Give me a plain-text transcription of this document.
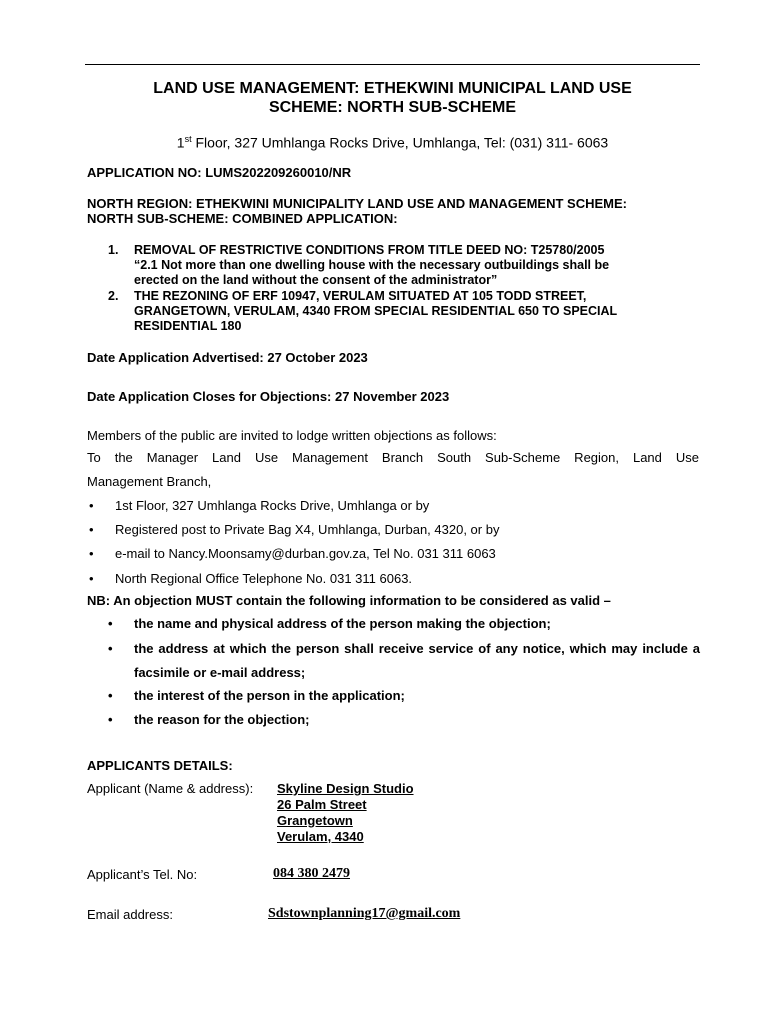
LAND USE MANAGEMENT: ETHEKWINI MUNICIPAL LAND USE
SCHEME: NORTH SUB-SCHEME
1st Floor, 327 Umhlanga Rocks Drive, Umhlanga, Tel: (031) 311- 6063
APPLICATION NO: LUMS202209260010/NR
NORTH REGION: ETHEKWINI MUNICIPALITY LAND USE AND MANAGEMENT SCHEME:
NORTH SUB-SCHEME: COMBINED APPLICATION:
1.	REMOVAL OF RESTRICTIVE CONDITIONS FROM TITLE DEED NO: T25780/2005
“2.1 Not more than one dwelling house with the necessary outbuildings shall be
erected on the land without the consent of the administrator”
2.	THE REZONING OF ERF 10947, VERULAM SITUATED AT 105 TODD STREET,
GRANGETOWN, VERULAM, 4340 FROM SPECIAL RESIDENTIAL 650 TO SPECIAL
RESIDENTIAL 180
Date Application Advertised: 27 October 2023
Date Application Closes for Objections: 27 November 2023
Members of the public are invited to lodge written objections as follows:
To the Manager Land Use Management Branch South Sub-Scheme Region, Land Use
Management Branch,
• 1st Floor, 327 Umhlanga Rocks Drive, Umhlanga or by
• Registered post to Private Bag X4, Umhlanga, Durban, 4320, or by
• e-mail to Nancy.Moonsamy@durban.gov.za, Tel No. 031 311 6063
• North Regional Office Telephone No. 031 311 6063.
NB: An objection MUST contain the following information to be considered as valid –
• the name and physical address of the person making the objection;
• the address at which the person shall receive service of any notice, which may include a facsimile or e-mail address;
• the interest of the person in the application;
• the reason for the objection;
APPLICANTS DETAILS:
Applicant (Name & address): Skyline Design Studio
26 Palm Street
Grangetown
Verulam, 4340
Applicant’s Tel. No:	084 380 2479
Email address:	Sdstownplanning17@gmail.com
